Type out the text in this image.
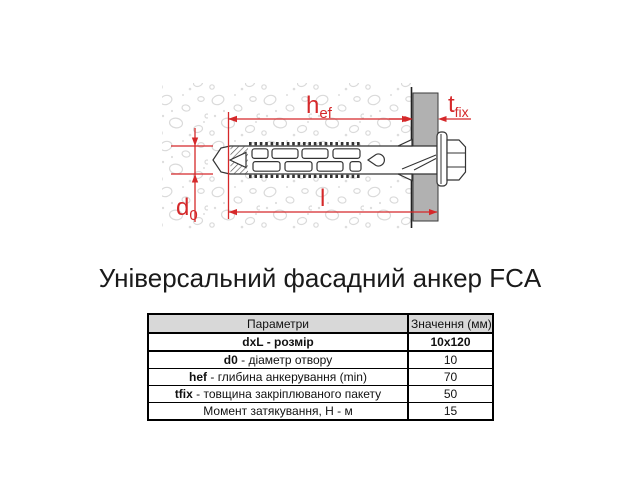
$h_{ef}$	$t_{fix}$
l
$d_0$
Універсальний фасадний анкер FCA
Параметри	Значення (мм)
dxL - розмір	10x120
d0 - діаметр отвору	10
hef - глибина анкерування (min)	70
tfix - товщина закріплюваного пакету	50
Момент затякування, Н - м	15
